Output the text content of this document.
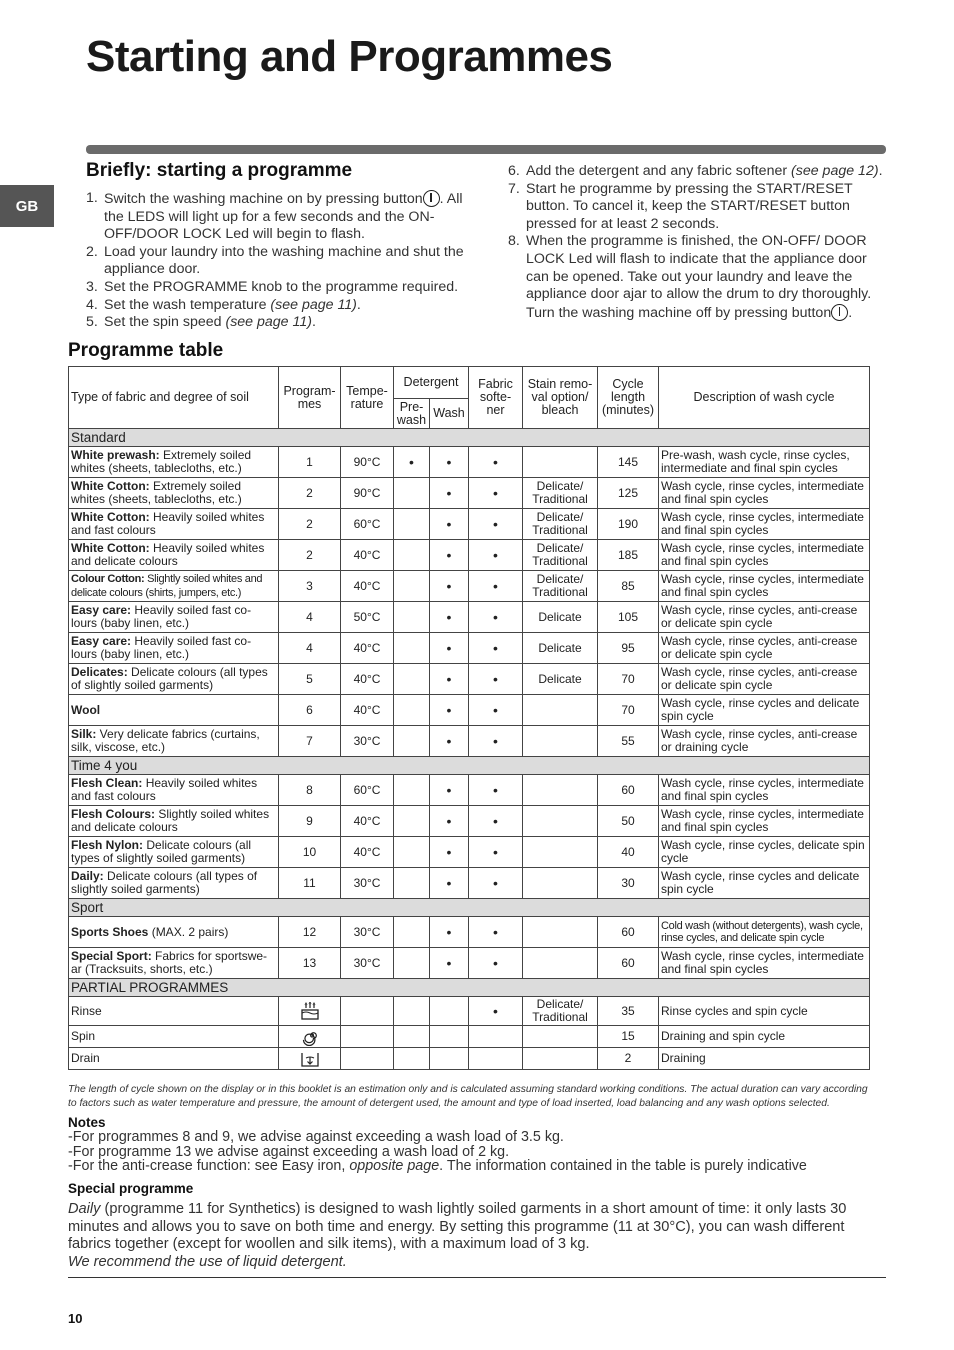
Starting and Programmes
GB
Briefly: starting a programme
1. Switch the washing machine on by pressing button . All the LEDS will light up for a few seconds and the ON-OFF/DOOR LOCK Led will begin to flash.
2. Load your laundry into the washing machine and shut the appliance door.
3. Set the PROGRAMME knob to the programme required.
4. Set the wash temperature (see page 11).
5. Set the spin speed (see page 11).
6. Add the detergent and any fabric softener (see page 12).
7. Start he programme by pressing the START/RESET button. To cancel it, keep the START/RESET button pressed for at least 2 seconds.
8. When the programme is finished, the ON-OFF/ DOOR LOCK Led will flash to indicate that the appliance door can be opened. Take out your laundry and leave the appliance door ajar to allow the drum to dry thoroughly. Turn the washing machine off by pressing button .
Programme table
Type of fabric and degree of soil	Program- mes	Tempe- rature	Detergent		Fabric softe- ner	Stain remo- val option/ bleach	Cycle length (minutes)	Description of wash cycle
			Pre- wash	Wash				
Standard								
White prewash: Extremely soiled whites (sheets, tablecloths, etc.)	1	90°C	•	•	•		145	Pre-wash, wash cycle, rinse cycles, intermediate and final spin cycles
White Cotton: Extremely soiled whites (sheets, tablecloths, etc.)	2	90°C		•	•	Delicate/ Traditional	125	Wash cycle, rinse cycles, intermediate and final spin cycles
White Cotton: Heavily soiled whites and fast colours	2	60°C		•	•	Delicate/ Traditional	190	Wash cycle, rinse cycles, intermediate and final spin cycles
White Cotton: Heavily soiled whites and delicate colours	2	40°C		•	•	Delicate/ Traditional	185	Wash cycle, rinse cycles, intermediate and final spin cycles
Colour Cotton: Slightly soiled whites and delicate colours (shirts, jumpers, etc.)	3	40°C		•	•	Delicate/ Traditional	85	Wash cycle, rinse cycles, intermediate and final spin cycles
Easy care: Heavily soiled fast co- lours (baby linen, etc.)	4	50°C		•	•	Delicate	105	Wash cycle, rinse cycles, anti-crease or delicate spin cycle
Easy care: Heavily soiled fast co- lours (baby linen, etc.)	4	40°C		•	•	Delicate	95	Wash cycle, rinse cycles, anti-crease or delicate spin cycle
Delicates: Delicate colours (all types of slightly soiled garments)	5	40°C		•	•	Delicate	70	Wash cycle, rinse cycles, anti-crease or delicate spin cycle
Wool	6	40°C		•	•		70	Wash cycle, rinse cycles and delicate spin cycle
Silk: Very delicate fabrics (curtains, silk, viscose, etc.)	7	30°C		•	•		55	Wash cycle, rinse cycles, anti-crease or draining cycle
Time 4 you								
Flesh Clean: Heavily soiled whites and fast colours	8	60°C		•	•		60	Wash cycle, rinse cycles, intermediate and final spin cycles
Flesh Colours: Slightly soiled whites and delicate colours	9	40°C		•	•		50	Wash cycle, rinse cycles, intermediate and final spin cycles
Flesh Nylon: Delicate colours (all types of slightly soiled garments)	10	40°C		•	•		40	Wash cycle, rinse cycles, delicate spin cycle
Daily: Delicate colours (all types of slightly soiled garments)	11	30°C		•	•		30	Wash cycle, rinse cycles and delicate spin cycle
Sport								
Sports Shoes (MAX. 2 pairs)	12	30°C		•	•		60	Cold wash (without detergents), wash cycle, rinse cycles, and delicate spin cycle
Special Sport: Fabrics for sportswe- ar (Tracksuits, shorts, etc.)	13	30°C		•	•		60	Wash cycle, rinse cycles, intermediate and final spin cycles
PARTIAL PROGRAMMES								
Rinse					•	Delicate/ Traditional	35	Rinse cycles and spin cycle
Spin							15	Draining and spin cycle
Drain							2	Draining
The length of cycle shown on the display or in this booklet is an estimation only and is calculated assuming standard working conditions. The actual duration can vary according to factors such as water temperature and pressure, the amount of detergent used, the amount and type of load inserted, load balancing and any wash options selected.
Notes
-For programmes 8 and 9, we advise against exceeding a wash load of 3.5 kg.
-For programme 13 we advise against exceeding a wash load of 2 kg.
-For the anti-crease function: see Easy iron, opposite page. The information contained in the table is purely indicative
Special programme
Daily (programme 11 for Synthetics) is designed to wash lightly soiled garments in a short amount of time: it only lasts 30 minutes and allows you to save on both time and energy. By setting this programme (11 at 30°C), you can wash different fabrics together (except for woollen and silk items), with a maximum load of 3 kg.
We recommend the use of liquid detergent.
10
